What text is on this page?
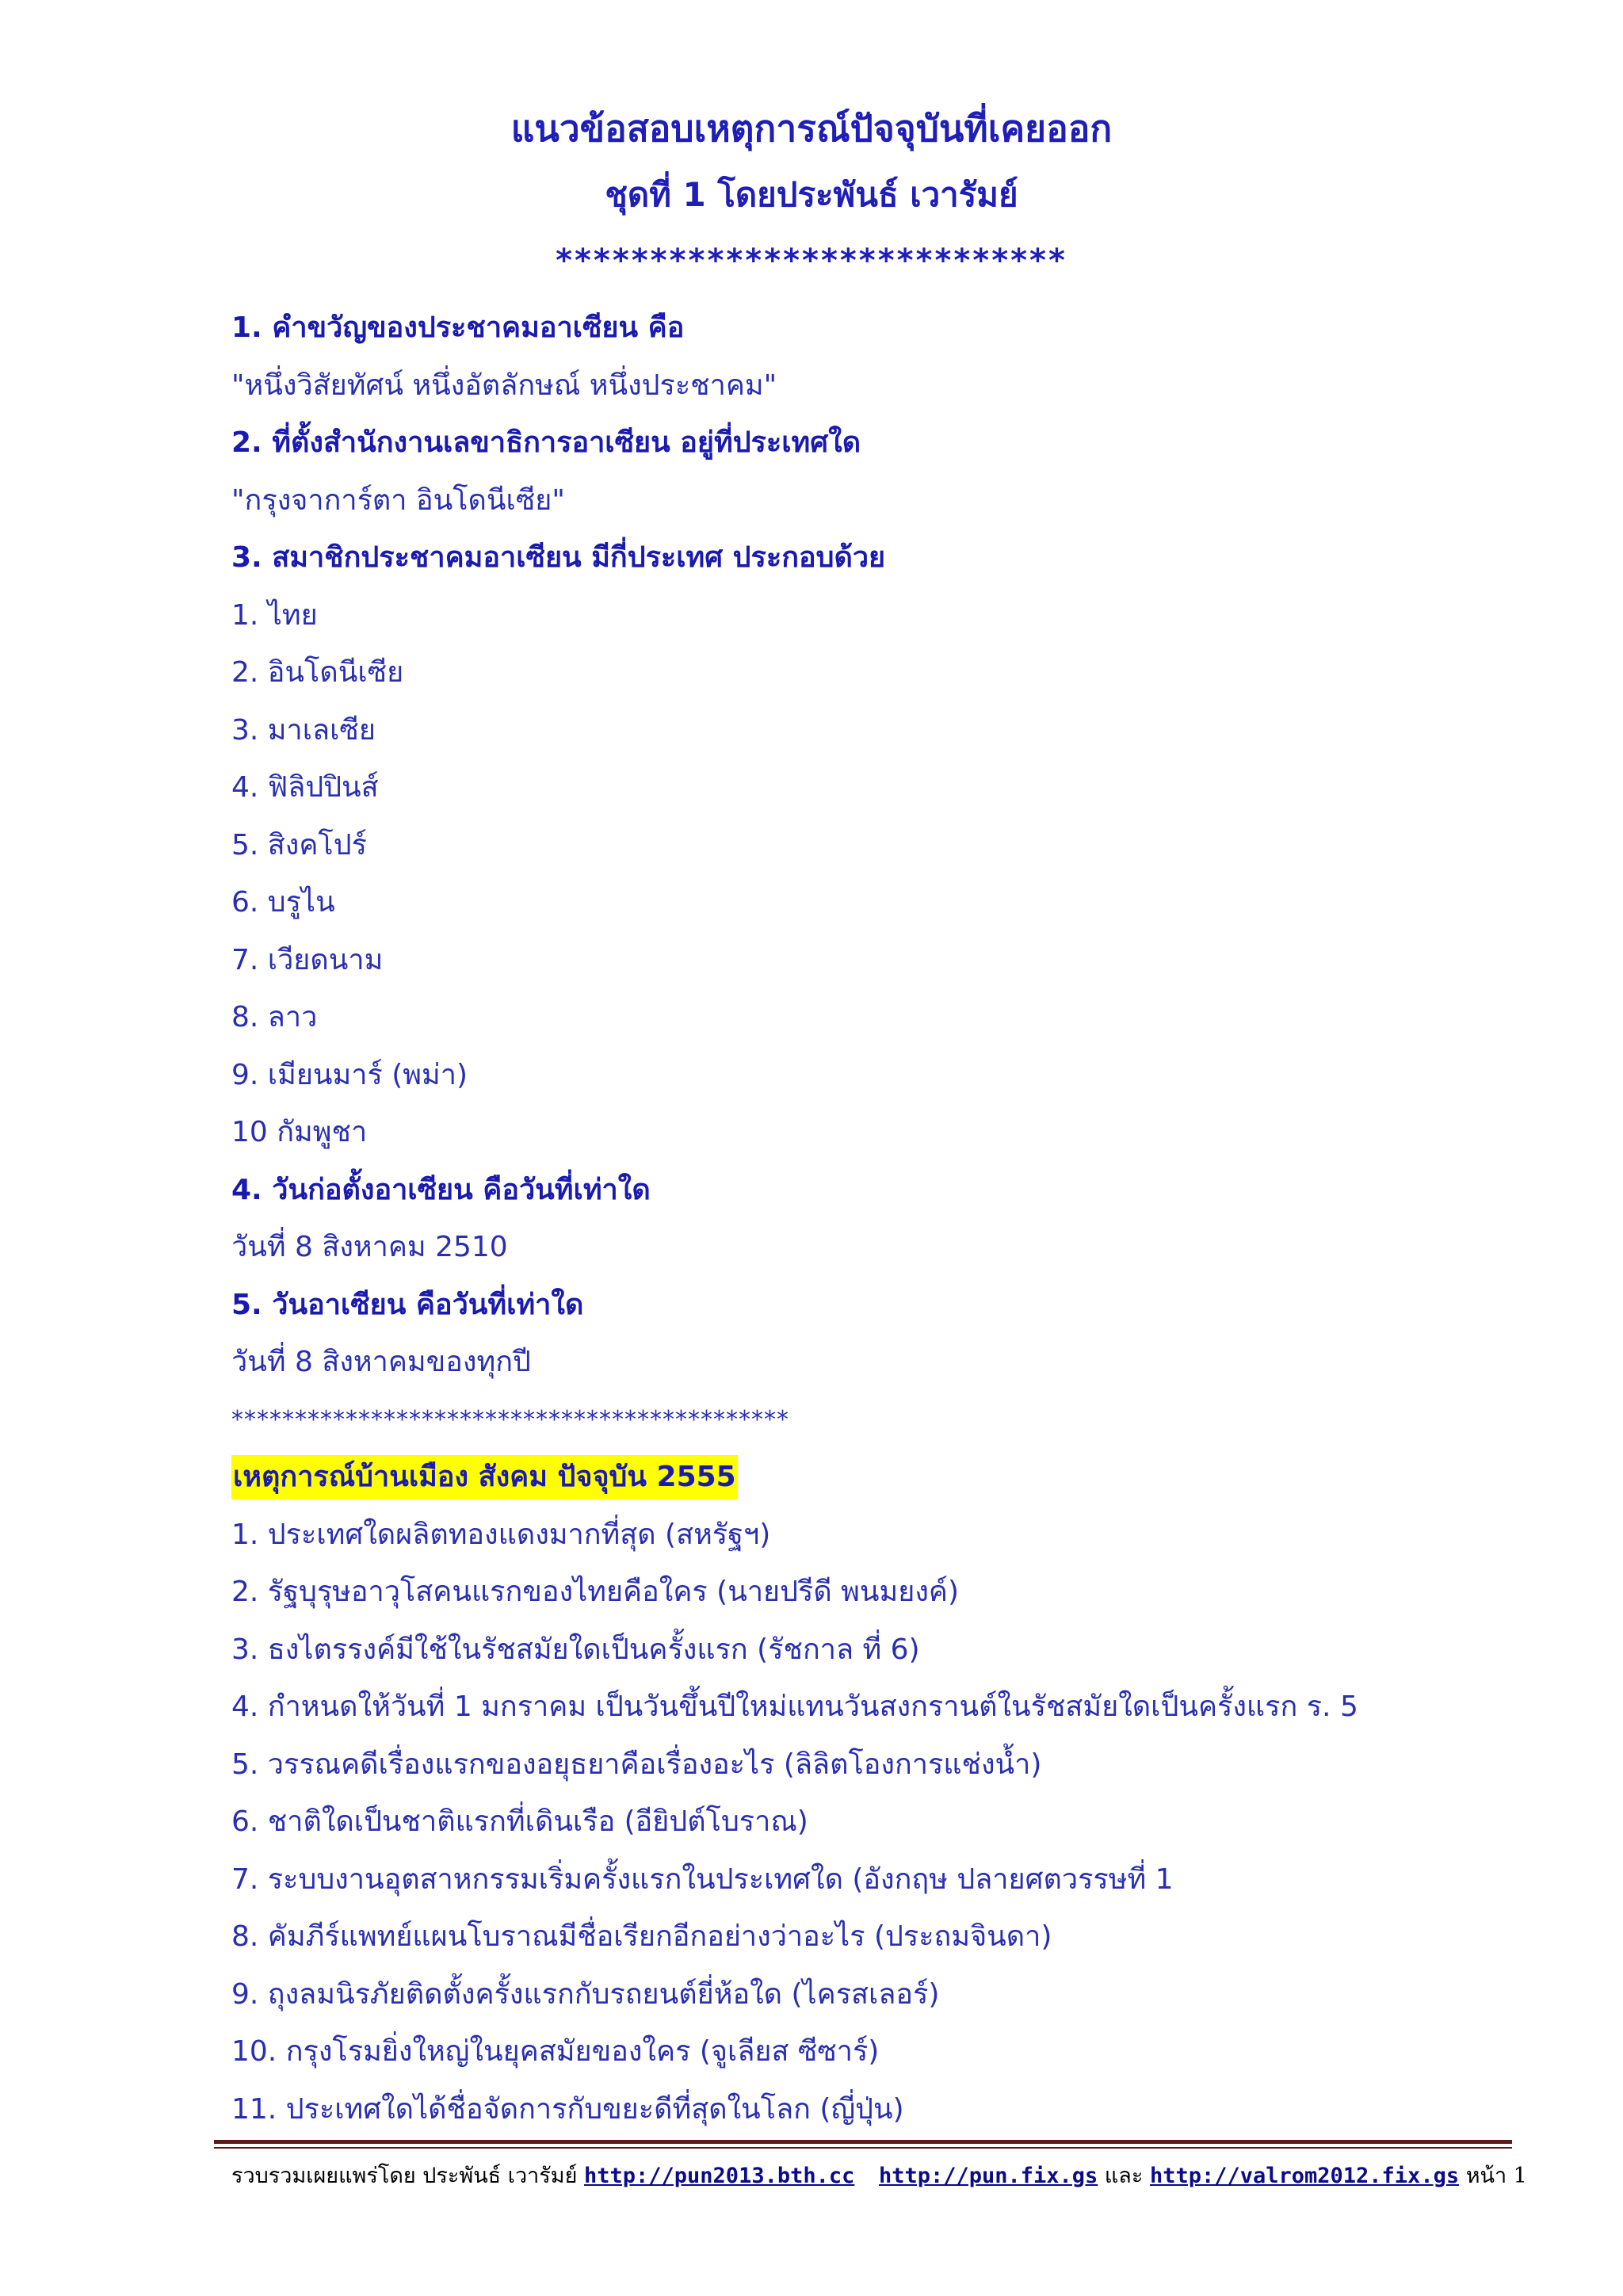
แนวข้อสอบเหตุการณ์ปัจจุบันที่เคยออก
ชุดที่ 1 โดยประพันธ์ เวารัมย์
***************************
1. คำขวัญของประชาคมอาเซียน คือ
"หนึ่งวิสัยทัศน์ หนึ่งอัตลักษณ์ หนึ่งประชาคม"
2. ที่ตั้งสำนักงานเลขาธิการอาเซียน อยู่ที่ประเทศใด
"กรุงจาการ์ตา อินโดนีเซีย"
3. สมาชิกประชาคมอาเซียน มีกี่ประเทศ ประกอบด้วย
1. ไทย
2. อินโดนีเซีย
3. มาเลเซีย
4. ฟิลิปปินส์
5. สิงคโปร์
6. บรูไน
7. เวียดนาม
8. ลาว
9. เมียนมาร์ (พม่า)
10 กัมพูชา
4. วันก่อตั้งอาเซียน คือวันที่เท่าใด
วันที่ 8 สิงหาคม 2510
5. วันอาเซียน คือวันที่เท่าใด
วันที่ 8 สิงหาคมของทุกปี
********************************************
เหตุการณ์บ้านเมือง สังคม ปัจจุบัน 2555
1. ประเทศใดผลิตทองแดงมากที่สุด (สหรัฐฯ)
2. รัฐบุรุษอาวุโสคนแรกของไทยคือใคร (นายปรีดี พนมยงค์)
3. ธงไตรรงค์มีใช้ในรัชสมัยใดเป็นครั้งแรก (รัชกาล ที่ 6)
4. กำหนดให้วันที่ 1 มกราคม เป็นวันขึ้นปีใหม่แทนวันสงกรานต์ในรัชสมัยใดเป็นครั้งแรก ร. 5
5. วรรณคดีเรื่องแรกของอยุธยาคือเรื่องอะไร (ลิลิตโองการแช่งน้ำ)
6. ชาติใดเป็นชาติแรกที่เดินเรือ (อียิปต์โบราณ)
7. ระบบงานอุตสาหกรรมเริ่มครั้งแรกในประเทศใด (อังกฤษ ปลายศตวรรษที่ 1
8. คัมภีร์แพทย์แผนโบราณมีชื่อเรียกอีกอย่างว่าอะไร (ประถมจินดา)
9. ถุงลมนิรภัยติดตั้งครั้งแรกกับรถยนต์ยี่ห้อใด (ไครสเลอร์)
10. กรุงโรมยิ่งใหญ่ในยุคสมัยของใคร (จูเลียส ซีซาร์)
11. ประเทศใดได้ชื่อจัดการกับขยะดีที่สุดในโลก (ญี่ปุ่น)
รวบรวมเผยแพร่โดย ประพันธ์ เวารัมย์ http://pun2013.bth.cc http://pun.fix.gs และ http://valrom2012.fix.gs หน้า 1
